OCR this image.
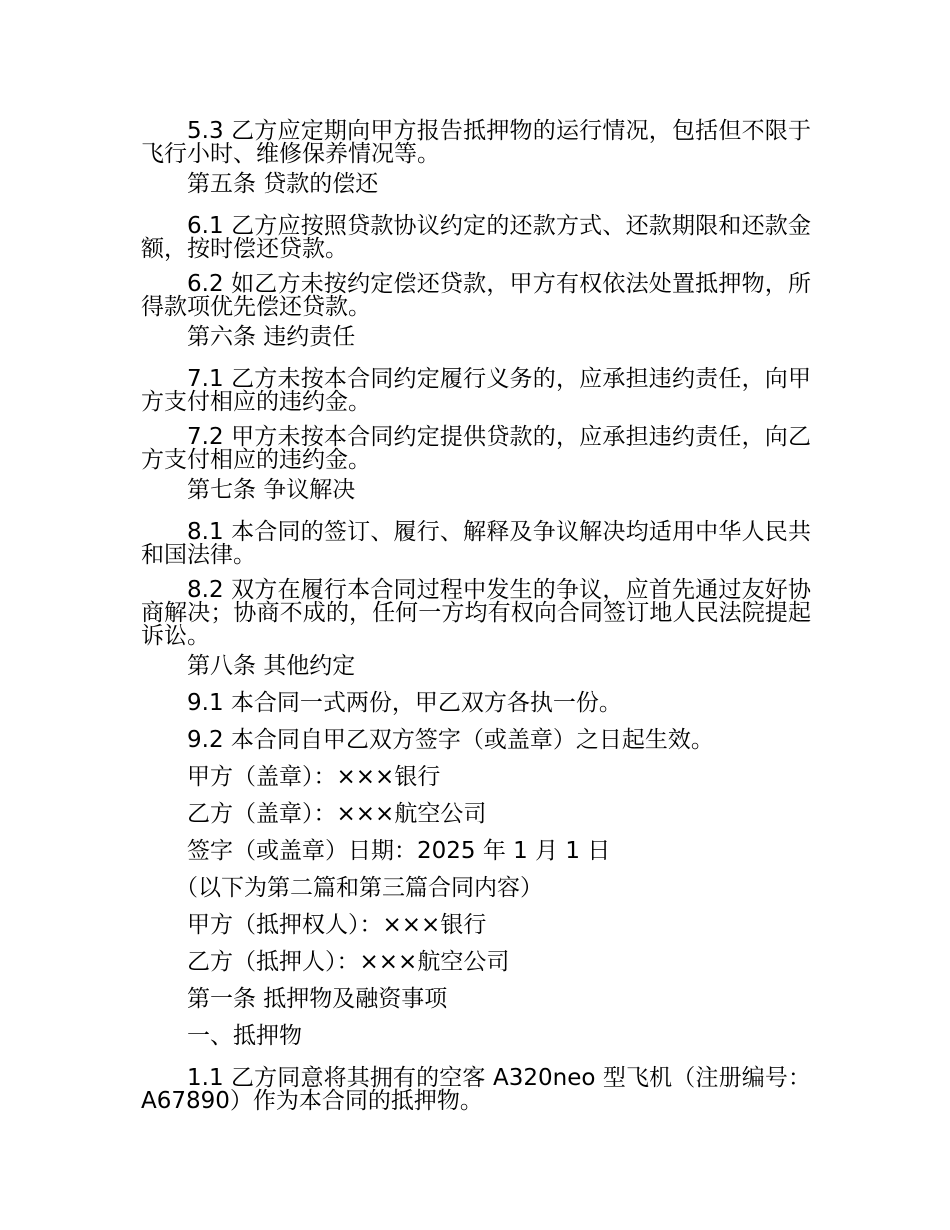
5.3 乙方应定期向甲方报告抵押物的运行情况，包括但不限于飞行小时、维修保养情况等。

第五条 贷款的偿还

6.1 乙方应按照贷款协议约定的还款方式、还款期限和还款金额，按时偿还贷款。

6.2 如乙方未按约定偿还贷款，甲方有权依法处置抵押物，所得款项优先偿还贷款。

第六条 违约责任

7.1 乙方未按本合同约定履行义务的，应承担违约责任，向甲方支付相应的违约金。

7.2 甲方未按本合同约定提供贷款的，应承担违约责任，向乙方支付相应的违约金。

第七条 争议解决

8.1 本合同的签订、履行、解释及争议解决均适用中华人民共和国法律。

8.2 双方在履行本合同过程中发生的争议，应首先通过友好协商解决；协商不成的，任何一方均有权向合同签订地人民法院提起诉讼。

第八条 其他约定

9.1 本合同一式两份，甲乙双方各执一份。

9.2 本合同自甲乙双方签字（或盖章）之日起生效。

甲方（盖章）：×××银行

乙方（盖章）：×××航空公司

签字（或盖章）日期：2025 年 1 月 1 日

（以下为第二篇和第三篇合同内容）

甲方（抵押权人）：×××银行

乙方（抵押人）：×××航空公司

第一条 抵押物及融资事项

一、抵押物

1.1 乙方同意将其拥有的空客 A320neo 型飞机（注册编号：A67890）作为本合同的抵押物。
